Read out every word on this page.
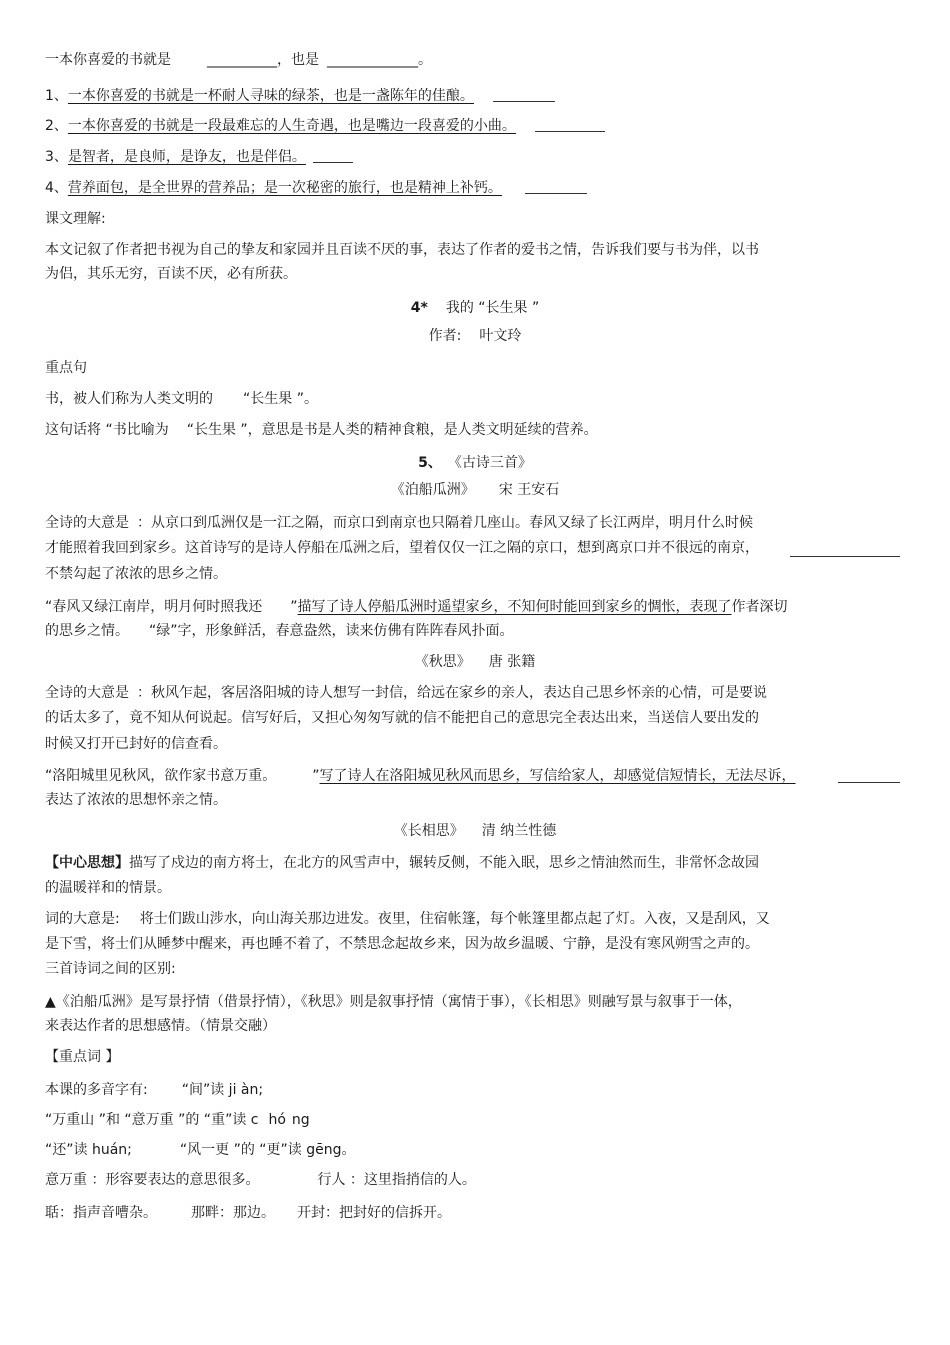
一本你喜爱的书就是	__________，也是 _____________。
1、一本你喜爱的书就是一杯耐人寻味的绿茶，也是一盏陈年的佳酿。
2、一本你喜爱的书就是一段最难忘的人生奇遇，也是嘴边一段喜爱的小曲。
3、是智者，是良师，是诤友，也是伴侣。
4、营养面包，是全世界的营养品；是一次秘密的旅行，也是精神上补钙。
课文理解:
本文记叙了作者把书视为自己的挚友和家园并且百读不厌的事，表达了作者的爱书之情，告诉我们要与书为伴，以书
为侣，其乐无穷，百读不厌，必有所获。
4* 我的 “长生果 ”
作者: 叶文玲
重点句
书，被人们称为人类文明的 “长生果 ”。
这句话将 “书比喻为 “长生果 ”，意思是书是人类的精神食粮，是人类文明延续的营养。
5、 《古诗三首》
《泊船瓜洲》 宋 王安石
全诗的大意是 ：从京口到瓜洲仅是一江之隔，而京口到南京也只隔着几座山。春风又绿了长江两岸，明月什么时候
才能照着我回到家乡。这首诗写的是诗人停船在瓜洲之后，望着仅仅一江之隔的京口，想到离京口并不很远的南京，
不禁勾起了浓浓的思乡之情。
“春风又绿江南岸，明月何时照我还 ”描写了诗人停船瓜洲时遥望家乡，不知何时能回到家乡的惆怅，表现了作者深切
的思乡之情。 “绿”字，形象鲜活，春意盎然，读来仿佛有阵阵春风扑面。
《秋思》 唐 张籍
全诗的大意是 ：秋风乍起，客居洛阳城的诗人想写一封信，给远在家乡的亲人，表达自己思乡怀亲的心情，可是要说
的话太多了，竟不知从何说起。信写好后，又担心匆匆写就的信不能把自己的意思完全表达出来，当送信人要出发的
时候又打开已封好的信查看。
“洛阳城里见秋风，欲作家书意万重。	”写了诗人在洛阳城见秋风而思乡，写信给家人，却感觉信短情长，无法尽诉，
表达了浓浓的思想怀亲之情。
《长相思》 清 纳兰性德
【中心思想】描写了戍边的南方将士，在北方的风雪声中，辗转反侧，不能入眠，思乡之情油然而生，非常怀念故园
的温暖祥和的情景。
词的大意是: 将士们跋山涉水，向山海关那边进发。夜里，住宿帐篷，每个帐篷里都点起了灯。入夜，又是刮风，又
是下雪，将士们从睡梦中醒来，再也睡不着了，不禁思念起故乡来，因为故乡温暖、宁静，是没有寒风朔雪之声的。
三首诗词之间的区别:
▲《泊船瓜洲》是写景抒情（借景抒情），《秋思》则是叙事抒情（寓情于事），《长相思》则融写景与叙事于一体，
来表达作者的思想感情。（情景交融）
【重点词 】
本课的多音字有: “间”读 ji àn;
“万重山 ”和 “意万重 ”的 “重”读 c hó ng
“还”读 huán;	“风一更 ”的 “更”读 gēng。
意万重 ：形容要表达的意思很多。	行人 ：这里指捎信的人。
聒：指声音嘈杂。 那畔：那边。 开封：把封好的信拆开。
